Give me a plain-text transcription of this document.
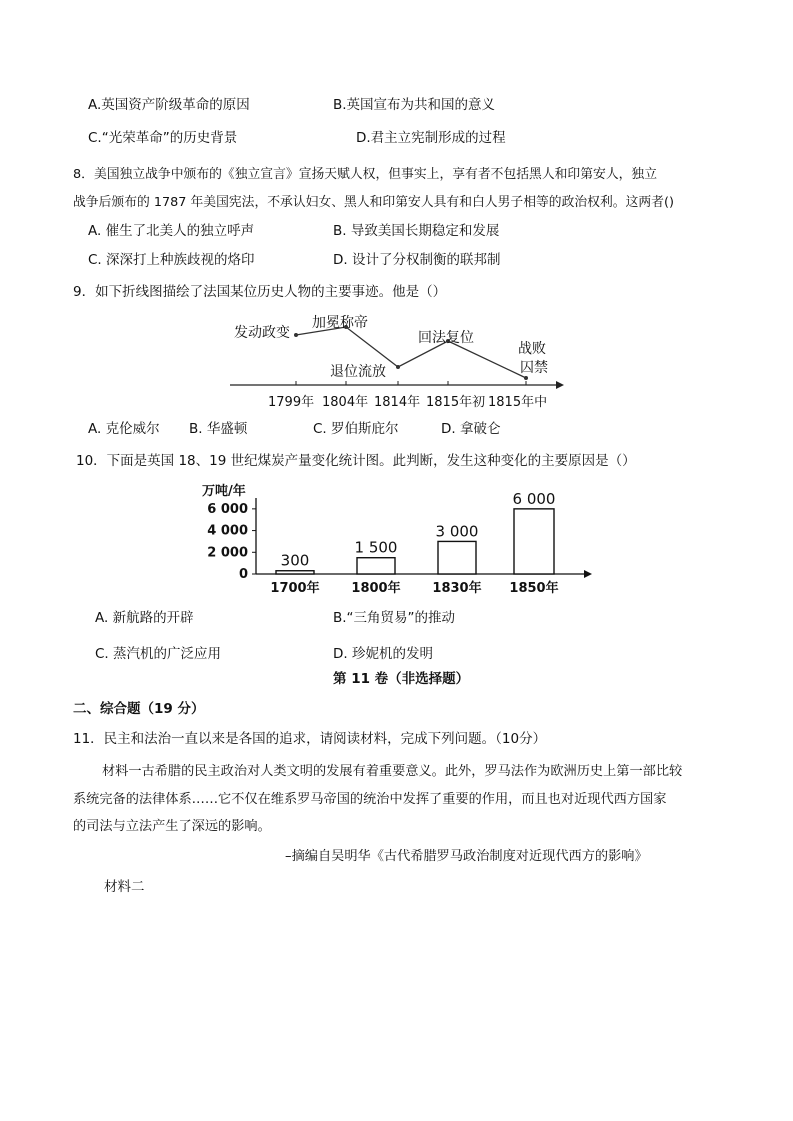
A.英国资产阶级革命的原因	B.英国宣布为共和国的意义
C.“光荣革命”的历史背景	D.君主立宪制形成的过程
8．美国独立战争中颁布的《独立宣言》宣扬天赋人权，但事实上，享有者不包括黑人和印第安人，独立
战争后颁布的 1787 年美国宪法，不承认妇女、黑人和印第安人具有和白人男子相等的政治权利。这两者()
A. 催生了北美人的独立呼声	B. 导致美国长期稳定和发展
C. 深深打上种族歧视的烙印	D. 设计了分权制衡的联邦制
9．如下折线图描绘了法国某位历史人物的主要事迹。他是（）
发动政变
加冕称帝
退位流放
回法复位
战败
囚禁
1799年 1804年 1814年 1815年初 1815年中
A. 克伦威尔 B. 华盛顿	C. 罗伯斯庇尔	D. 拿破仑
10．下面是英国 18、19 世纪煤炭产量变化统计图。此判断，发生这种变化的主要原因是（）
万吨/年
0
2 000
4 000
6 000
300
1700年
1 500
1800年
3 000
1830年
6 000
1850年
A. 新航路的开辟	B.“三角贸易”的推动
C. 蒸汽机的广泛应用	D. 珍妮机的发明
第 11 卷（非选择题）
二、综合题（19 分）
11．民主和法治一直以来是各国的追求，请阅读材料，完成下列问题。（10分）
材料一古希腊的民主政治对人类文明的发展有着重要意义。此外，罗马法作为欧洲历史上第一部比较
系统完备的法律体系……它不仅在维系罗马帝国的统治中发挥了重要的作用，而且也对近现代西方国家
的司法与立法产生了深远的影响。
–摘编自吴明华《古代希腊罗马政治制度对近现代西方的影响》
材料二
